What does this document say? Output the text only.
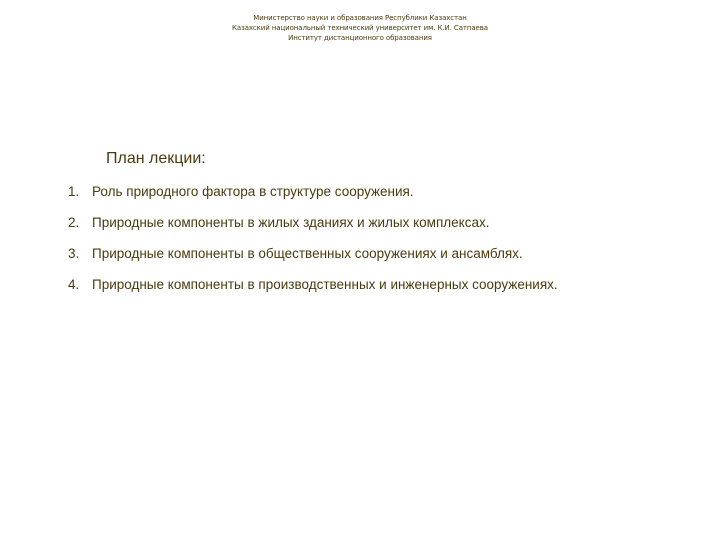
Министерство науки и образования Республики Казахстан
Казахский национальный технический университет им. К.И. Сатпаева
Институт дистанционного образования
План лекции:
1. Роль природного фактора в структуре сооружения.
2. Природные компоненты в жилых зданиях и жилых комплексах.
3. Природные компоненты в общественных сооружениях и ансамблях.
4. Природные компоненты в производственных и инженерных сооружениях.
